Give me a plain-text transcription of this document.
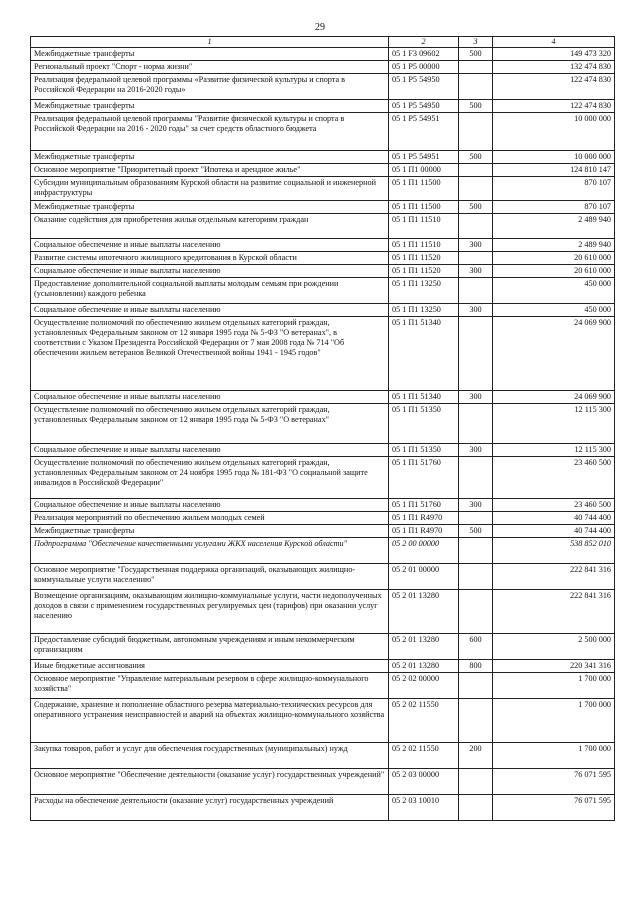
29
1	2	3	4
Межбюджетные трансферты	05 1 F3 09602	500	149 473 320
Региональный проект "Спорт - норма жизни"	05 1 P5 00000		132 474 830
Реализация федеральной целевой программы «Развитие физической культуры и спорта в Российской Федерации на 2016-2020 годы»	05 1 P5 54950		122 474 830
Межбюджетные трансферты	05 1 P5 54950	500	122 474 830
Реализация федеральной целевой программы "Развитие физической культуры и спорта в Российской Федерации на 2016 - 2020 годы" за счет средств областного бюджета	05 1 P5 54951		10 000 000
Межбюджетные трансферты	05 1 P5 54951	500	10 000 000
Основное мероприятие "Приоритетный проект "Ипотека и арендное жилье"	05 1 П1 00000		124 810 147
Субсидии муниципальным образованиям Курской области на развитие социальной и инженерной инфраструктуры	05 1 П1 11500		870 107
Межбюджетные трансферты	05 1 П1 11500	500	870 107
Оказание содействия для приобретения жилья отдельным категориям граждан	05 1 П1 11510		2 489 940
Социальное обеспечение и иные выплаты населению	05 1 П1 11510	300	2 489 940
Развитие системы ипотечного жилищного кредитования в Курской области	05 1 П1 11520		20 610 000
Социальное обеспечение и иные выплаты населению	05 1 П1 11520	300	20 610 000
Предоставление дополнительной социальной выплаты молодым семьям при рождении (усыновлении) каждого ребенка	05 1 П1 13250		450 000
Социальное обеспечение и иные выплаты населению	05 1 П1 13250	300	450 000
Осуществление полномочий по обеспечению жильем отдельных категорий граждан, установленных Федеральным законом от 12 января 1995 года № 5-ФЗ "О ветеранах", в соответствии с Указом Президента Российской Федерации от 7 мая 2008 года № 714 "Об обеспечении жильем ветеранов Великой Отечественной войны 1941 - 1945 годов"	05 1 П1 51340		24 069 900
Социальное обеспечение и иные выплаты населению	05 1 П1 51340	300	24 069 900
Осуществление полномочий по обеспечению жильем отдельных категорий граждан, установленных Федеральным законом от 12 января 1995 года № 5-ФЗ "О ветеранах"	05 1 П1 51350		12 115 300
Социальное обеспечение и иные выплаты населению	05 1 П1 51350	300	12 115 300
Осуществление полномочий по обеспечению жильем отдельных категорий граждан, установленных Федеральным законом от 24 ноября 1995 года № 181-ФЗ "О социальной защите инвалидов в Российской Федерации"	05 1 П1 51760		23 460 500
Социальное обеспечение и иные выплаты населению	05 1 П1 51760	300	23 460 500
Реализация мероприятий по обеспечению жильем молодых семей	05 1 П1 R4970		40 744 400
Межбюджетные трансферты	05 1 П1 R4970	500	40 744 400
Подпрограмма "Обеспечение качественными услугами ЖКХ населения Курской области"	05 2 00 00000		538 852 010
Основное мероприятие "Государственная поддержка организаций, оказывающих жилищно-коммунальные услуги населению"	05 2 01 00000		222 841 316
Возмещение организациям, оказывающим жилищно-коммунальные услуги, части недополученных доходов в связи с применением государственных регулируемых цен (тарифов) при оказании услуг населению	05 2 01 13280		222 841 316
Предоставление субсидий бюджетным, автономным учреждениям и иным некоммерческим организациям	05 2 01 13280	600	2 500 000
Иные бюджетные ассигнования	05 2 01 13280	800	220 341 316
Основное мероприятие "Управление материальным резервом в сфере жилищно-коммунального хозяйства"	05 2 02 00000		1 700 000
Содержание, хранение и пополнение областного резерва материально-технических ресурсов для оперативного устранения неисправностей и аварий на объектах жилищно-коммунального хозяйства	05 2 02 11550		1 700 000
Закупка товаров, работ и услуг для обеспечения государственных (муниципальных) нужд	05 2 02 11550	200	1 700 000
Основное мероприятие "Обеспечение деятельности (оказание услуг) государственных учреждений"	05 2 03 00000		76 071 595
Расходы на обеспечение деятельности (оказание услуг) государственных учреждений	05 2 03 10010		76 071 595
